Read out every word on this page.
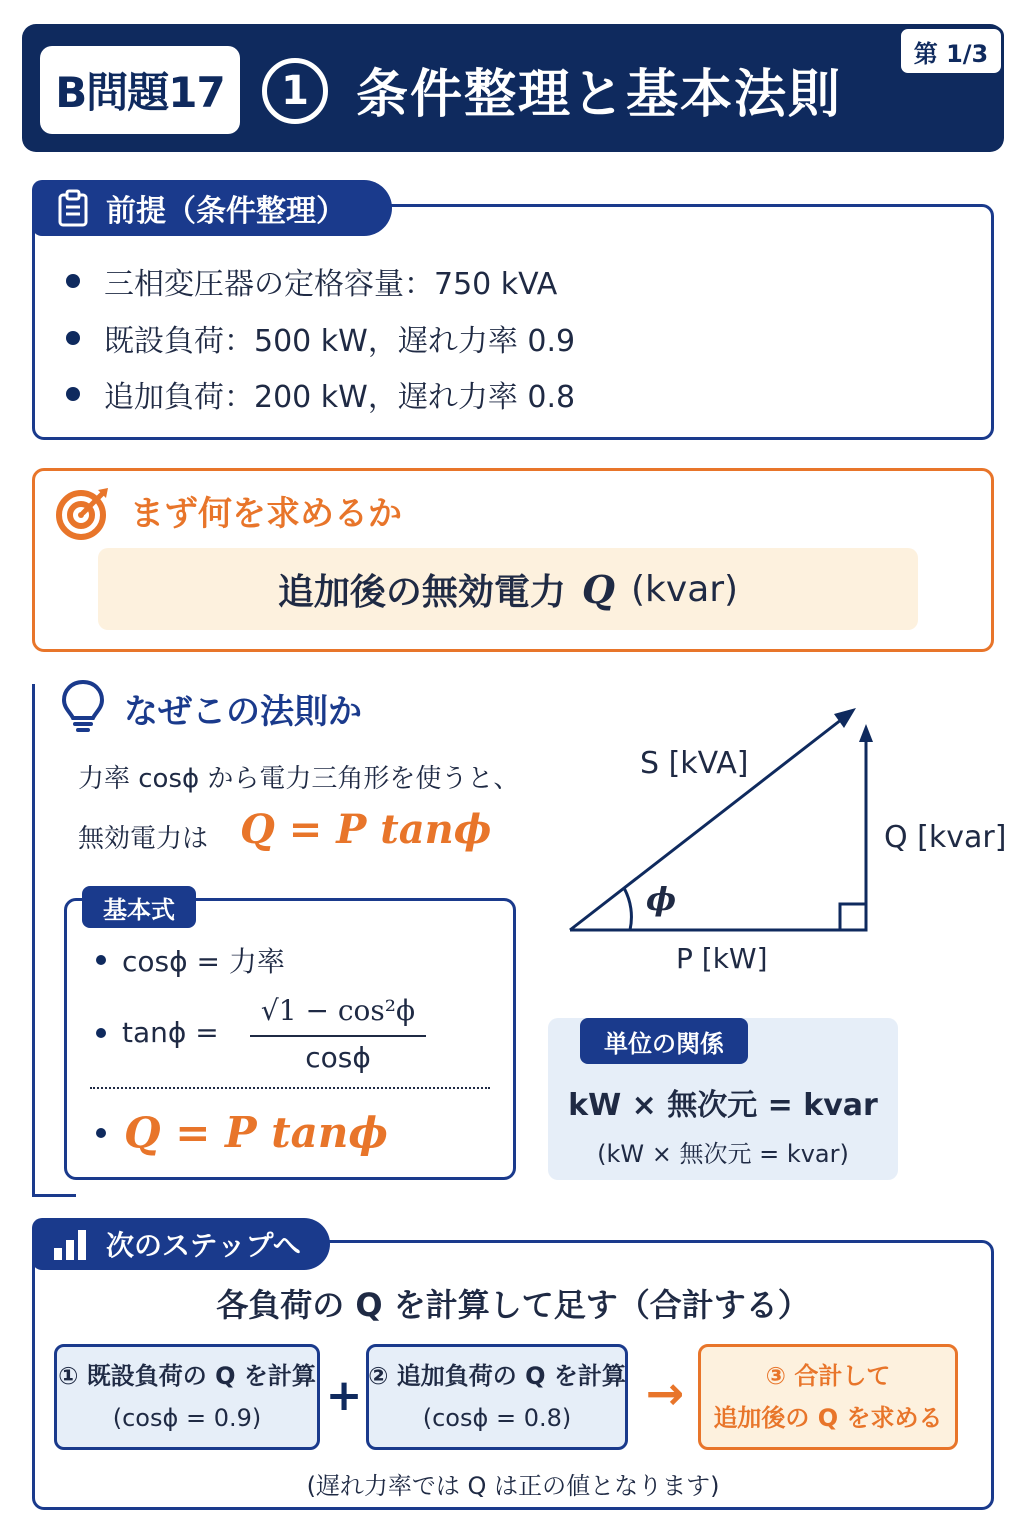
B問題17	1 条件整理と基本法則
第 1/3
前提（条件整理）
三相変圧器の定格容量：750 kVA
既設負荷：500 kW，遅れ力率 0.9
追加負荷：200 kW，遅れ力率 0.8
まず何を求めるか
追加後の無効電力 Q (kvar)
なぜこの法則か
力率 cosϕ から電力三角形を使うと、
無効電力は Q = P tanϕ
基本式
cosϕ = 力率
tanϕ =
√1 − cos²ϕ
cosϕ
Q = P tanϕ
S [kVA]
Q [kvar]
P [kW]
ϕ
単位の関係
kW × 無次元 = kvar
(kW × 無次元 = kvar)
次のステップへ
各負荷の Q を計算して足す（合計する）
① 既設負荷の Q を計算
(cosϕ = 0.9) + ② 追加負荷の Q を計算
(cosϕ = 0.8) →	③ 合計して
追加後の Q を求める
(遅れ力率では Q は正の値となります)
